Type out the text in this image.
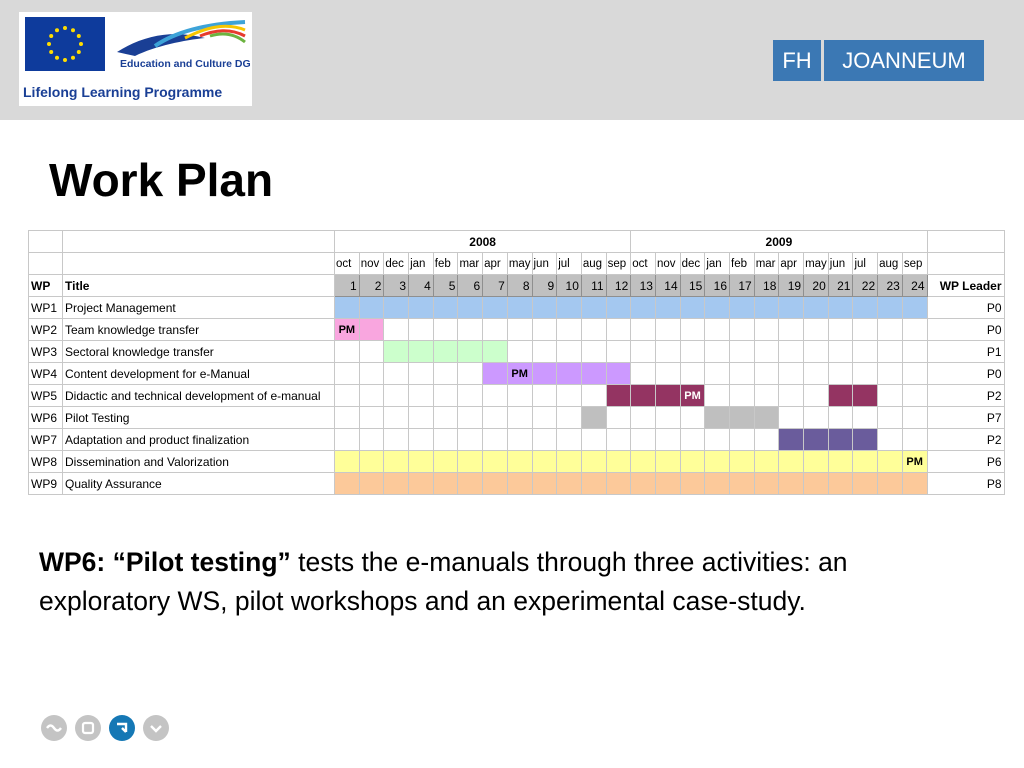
Education and Culture DG
Lifelong Learning Programme
FH	JOANNEUM
Work Plan
		2008												2009												
		oct	nov	dec	jan	feb	mar	apr	may	jun	jul	aug	sep	oct	nov	dec	jan	feb	mar	apr	may	jun	jul	aug	sep	
WP	Title	1	2	3	4	5	6	7	8	9	10	11	12	13	14	15	16	17	18	19	20	21	22	23	24	WP Leader
WP1	Project Management																									P0
WP2	Team knowledge transfer	PM																								P0
WP3	Sectoral knowledge transfer																									P1
WP4	Content development for e-Manual								PM																	P0
WP5	Didactic and technical development of e-manual															PM										P2
WP6	Pilot Testing																									P7
WP7	Adaptation and product finalization																									P2
WP8	Dissemination and Valorization																								PM	P6
WP9	Quality Assurance																									P8

WP6: “Pilot testing” tests the e-manuals through three activities: an exploratory WS, pilot workshops and an experimental case-study.
